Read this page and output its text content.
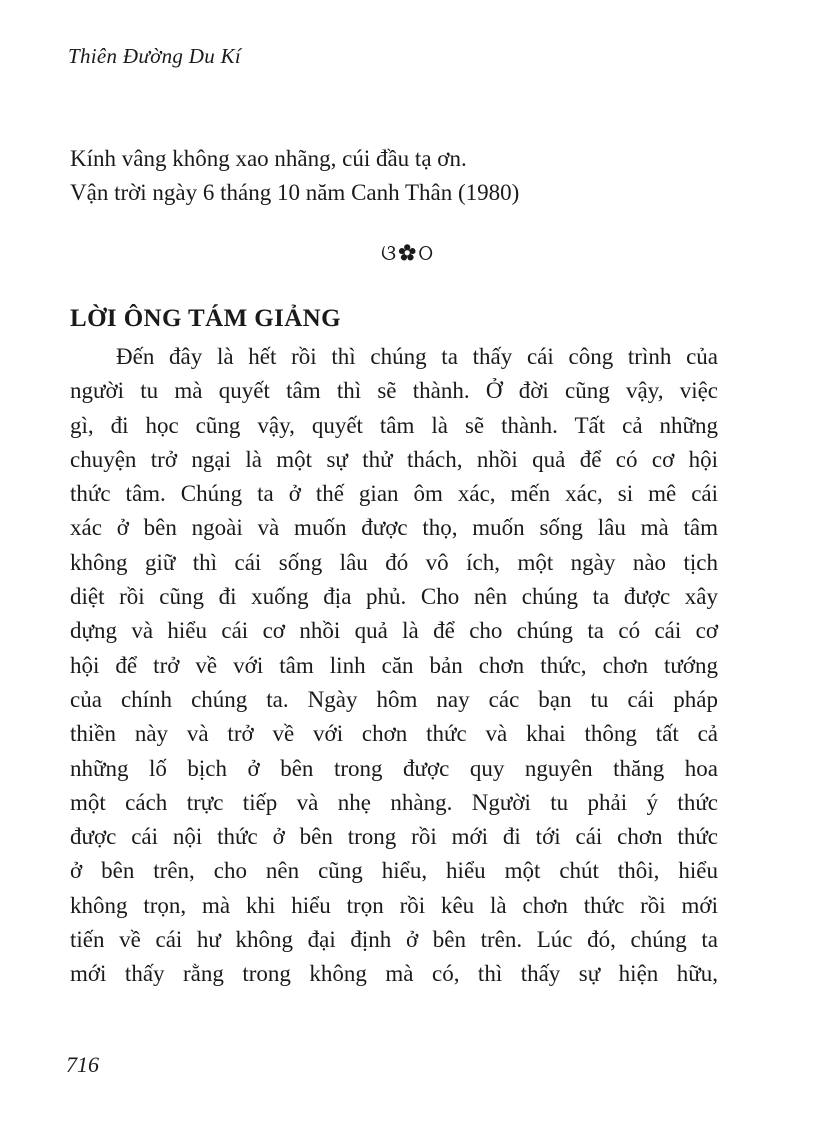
Thiên Đường Du Kí
Kính vâng không xao nhãng, cúi đầu tạ ơn.
Vận trời ngày 6 tháng 10 năm Canh Thân (1980)
ଓ✿ଠ
LỜI ÔNG TÁM GIẢNG
Đến đây là hết rồi thì chúng ta thấy cái công trình của
người tu mà quyết tâm thì sẽ thành. Ở đời cũng vậy, việc
gì, đi học cũng vậy, quyết tâm là sẽ thành. Tất cả những
chuyện trở ngại là một sự thử thách, nhồi quả để có cơ hội
thức tâm. Chúng ta ở thế gian ôm xác, mến xác, si mê cái
xác ở bên ngoài và muốn được thọ, muốn sống lâu mà tâm
không giữ thì cái sống lâu đó vô ích, một ngày nào tịch
diệt rồi cũng đi xuống địa phủ. Cho nên chúng ta được xây
dựng và hiểu cái cơ nhồi quả là để cho chúng ta có cái cơ
hội để trở về với tâm linh căn bản chơn thức, chơn tướng
của chính chúng ta. Ngày hôm nay các bạn tu cái pháp
thiền này và trở về với chơn thức và khai thông tất cả
những lố bịch ở bên trong được quy nguyên thăng hoa
một cách trực tiếp và nhẹ nhàng. Người tu phải ý thức
được cái nội thức ở bên trong rồi mới đi tới cái chơn thức
ở bên trên, cho nên cũng hiểu, hiểu một chút thôi, hiểu
không trọn, mà khi hiểu trọn rồi kêu là chơn thức rồi mới
tiến về cái hư không đại định ở bên trên. Lúc đó, chúng ta
mới thấy rằng trong không mà có, thì thấy sự hiện hữu,
716
